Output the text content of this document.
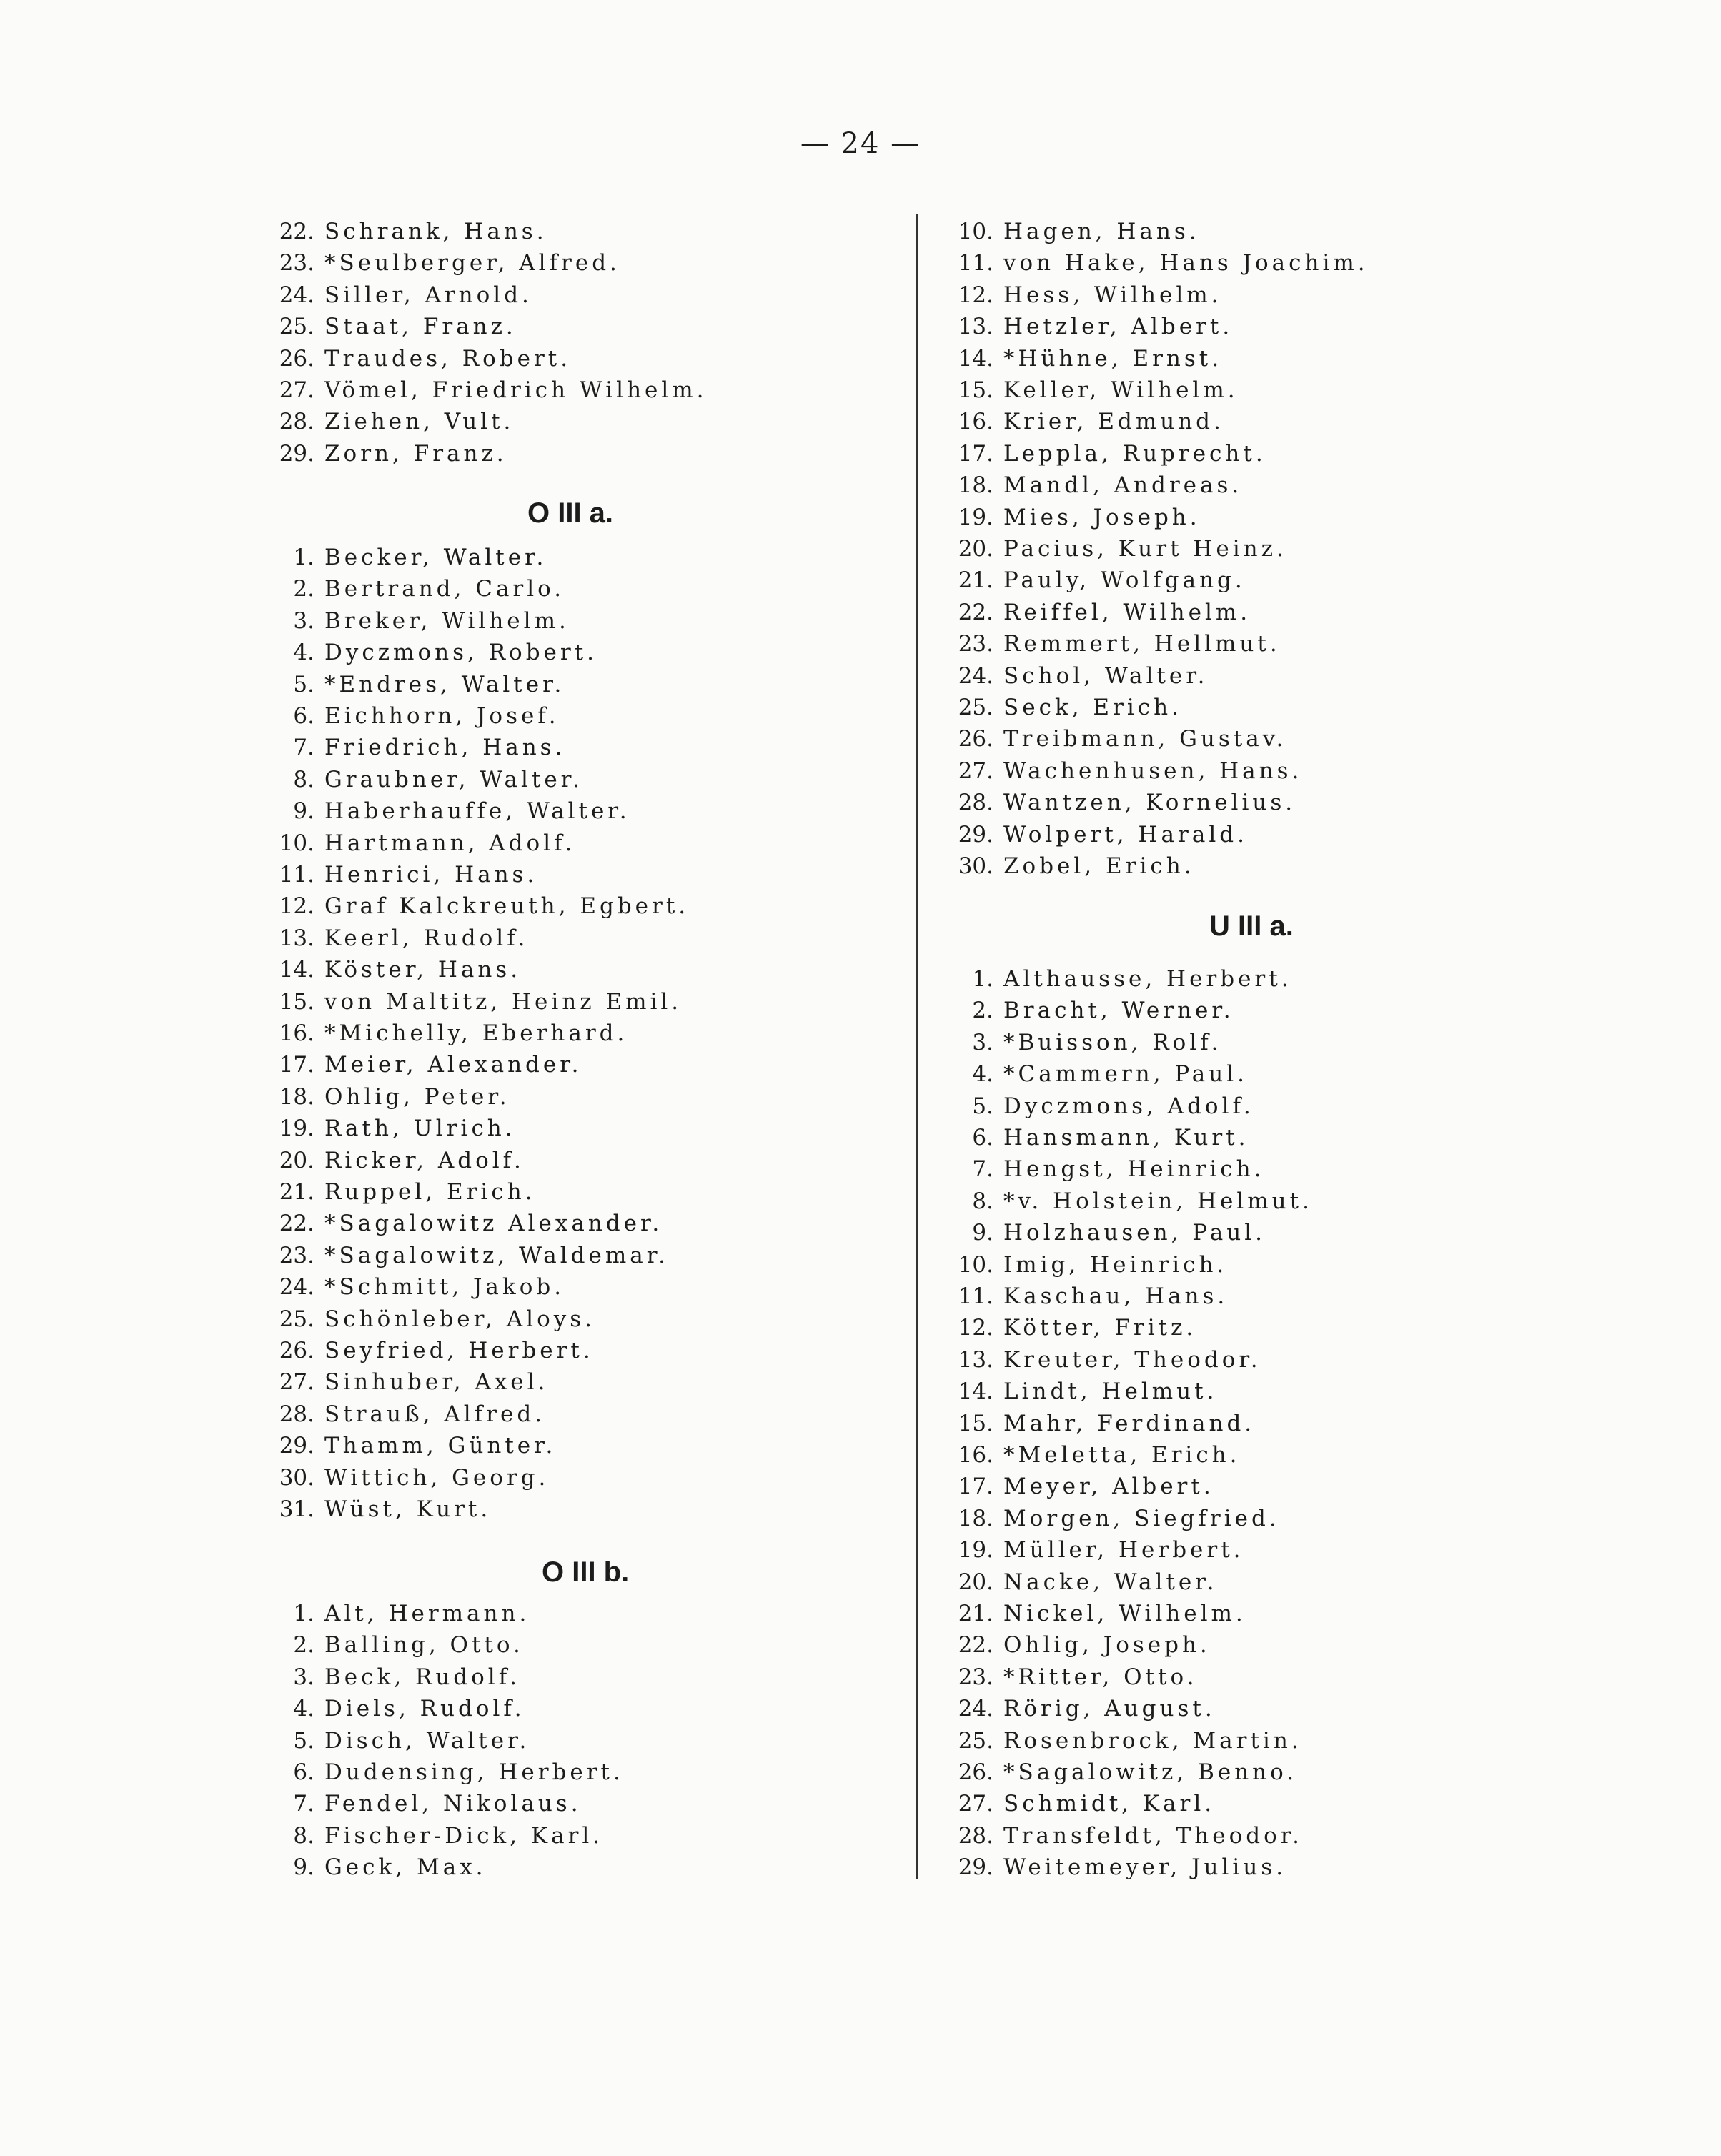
— 24 —
22. Schrank, Hans.
23. *Seulberger, Alfred.
24. Siller, Arnold.
25. Staat, Franz.
26. Traudes, Robert.
27. Vömel, Friedrich Wilhelm.
28. Ziehen, Vult.
29. Zorn, Franz.
O III a.
1. Becker, Walter.
2. Bertrand, Carlo.
3. Breker, Wilhelm.
4. Dyczmons, Robert.
5. *Endres, Walter.
6. Eichhorn, Josef.
7. Friedrich, Hans.
8. Graubner, Walter.
9. Haberhauffe, Walter.
10. Hartmann, Adolf.
11. Henrici, Hans.
12. Graf Kalckreuth, Egbert.
13. Keerl, Rudolf.
14. Köster, Hans.
15. von Maltitz, Heinz Emil.
16. *Michelly, Eberhard.
17. Meier, Alexander.
18. Ohlig, Peter.
19. Rath, Ulrich.
20. Ricker, Adolf.
21. Ruppel, Erich.
22. *Sagalowitz Alexander.
23. *Sagalowitz, Waldemar.
24. *Schmitt, Jakob.
25. Schönleber, Aloys.
26. Seyfried, Herbert.
27. Sinhuber, Axel.
28. Strauß, Alfred.
29. Thamm, Günter.
30. Wittich, Georg.
31. Wüst, Kurt.
O III b.
1. Alt, Hermann.
2. Balling, Otto.
3. Beck, Rudolf.
4. Diels, Rudolf.
5. Disch, Walter.
6. Dudensing, Herbert.
7. Fendel, Nikolaus.
8. Fischer-Dick, Karl.
9. Geck, Max.
10. Hagen, Hans.
11. von Hake, Hans Joachim.
12. Hess, Wilhelm.
13. Hetzler, Albert.
14. *Hühne, Ernst.
15. Keller, Wilhelm.
16. Krier, Edmund.
17. Leppla, Ruprecht.
18. Mandl, Andreas.
19. Mies, Joseph.
20. Pacius, Kurt Heinz.
21. Pauly, Wolfgang.
22. Reiffel, Wilhelm.
23. Remmert, Hellmut.
24. Schol, Walter.
25. Seck, Erich.
26. Treibmann, Gustav.
27. Wachenhusen, Hans.
28. Wantzen, Kornelius.
29. Wolpert, Harald.
30. Zobel, Erich.
U III a.
1. Althausse, Herbert.
2. Bracht, Werner.
3. *Buisson, Rolf.
4. *Cammern, Paul.
5. Dyczmons, Adolf.
6. Hansmann, Kurt.
7. Hengst, Heinrich.
8. *v. Holstein, Helmut.
9. Holzhausen, Paul.
10. Imig, Heinrich.
11. Kaschau, Hans.
12. Kötter, Fritz.
13. Kreuter, Theodor.
14. Lindt, Helmut.
15. Mahr, Ferdinand.
16. *Meletta, Erich.
17. Meyer, Albert.
18. Morgen, Siegfried.
19. Müller, Herbert.
20. Nacke, Walter.
21. Nickel, Wilhelm.
22. Ohlig, Joseph.
23. *Ritter, Otto.
24. Rörig, August.
25. Rosenbrock, Martin.
26. *Sagalowitz, Benno.
27. Schmidt, Karl.
28. Transfeldt, Theodor.
29. Weitemeyer, Julius.
